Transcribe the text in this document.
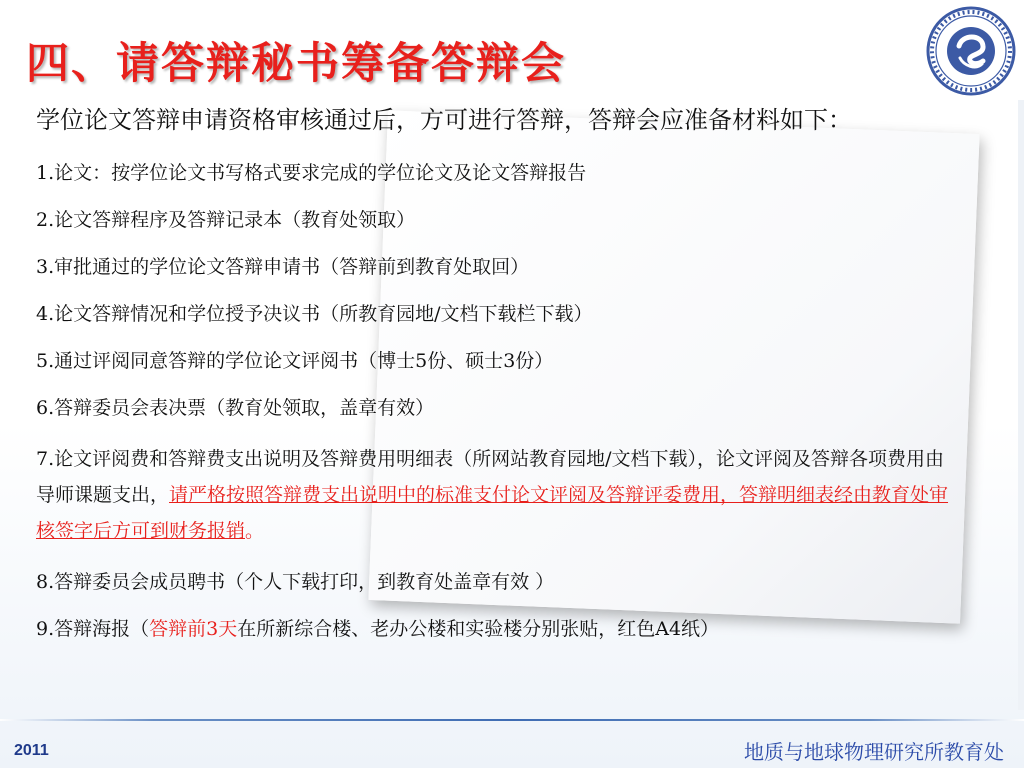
四、请答辩秘书筹备答辩会

学位论文答辩申请资格审核通过后，方可进行答辩，答辩会应准备材料如下：

1.论文：按学位论文书写格式要求完成的学位论文及论文答辩报告

2.论文答辩程序及答辩记录本（教育处领取）

3.审批通过的学位论文答辩申请书（答辩前到教育处取回）

4.论文答辩情况和学位授予决议书（所教育园地/文档下载栏下载）

5.通过评阅同意答辩的学位论文评阅书（博士5份、硕士3份）

6.答辩委员会表决票（教育处领取，盖章有效）

7.论文评阅费和答辩费支出说明及答辩费用明细表（所网站教育园地/文档下载），论文评阅及答辩各项费用由导师课题支出，请严格按照答辩费支出说明中的标准支付论文评阅及答辩评委费用，答辩明细表经由教育处审核签字后方可到财务报销。

8.答辩委员会成员聘书（个人下载打印，到教育处盖章有效 ）

9.答辩海报（答辩前3天在所新综合楼、老办公楼和实验楼分别张贴，红色A4纸）

2011	地质与地球物理研究所教育处
